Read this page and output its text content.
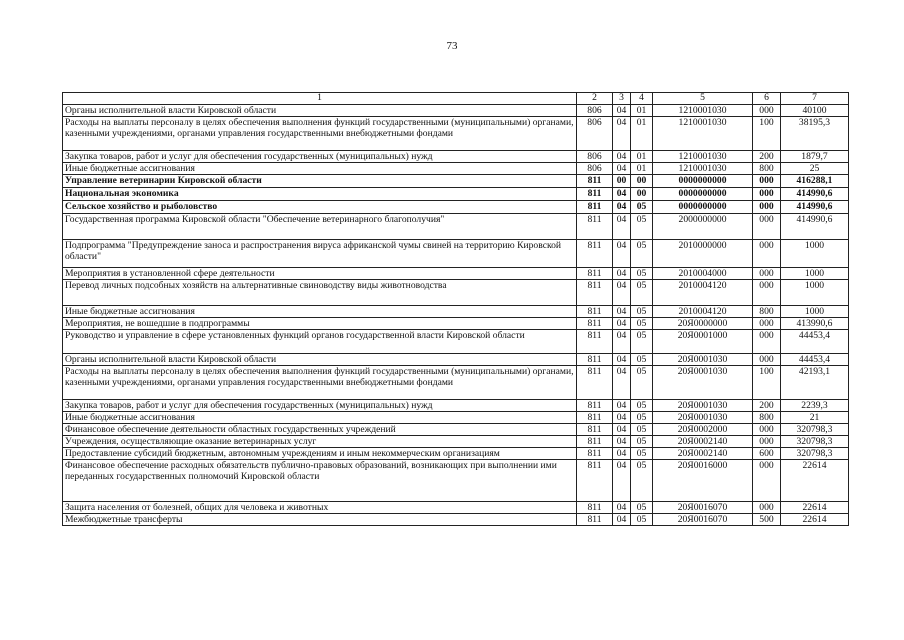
73
1	2	3	4	5	6	7
Органы исполнительной власти Кировской области	806	04	01	1210001030	000	40100
Расходы на выплаты персоналу в целях обеспечения выполнения функций государственными (муниципальными) органами, казенными учреждениями, органами управления государственными внебюджетными фондами	806	04	01	1210001030	100	38195,3
Закупка товаров, работ и услуг для обеспечения государственных (муниципальных) нужд	806	04	01	1210001030	200	1879,7
Иные бюджетные ассигнования	806	04	01	1210001030	800	25
Управление ветеринарии Кировской области	811	00	00	0000000000	000	416288,1
Национальная экономика	811	04	00	0000000000	000	414990,6
Сельское хозяйство и рыболовство	811	04	05	0000000000	000	414990,6
Государственная программа Кировской области "Обеспечение ветеринарного благополучия"	811	04	05	2000000000	000	414990,6
Подпрограмма "Предупреждение заноса и распространения вируса африканской чумы свиней на территорию Кировской области"	811	04	05	2010000000	000	1000
Мероприятия в установленной сфере деятельности	811	04	05	2010004000	000	1000
Перевод личных подсобных хозяйств на альтернативные свиноводству виды животноводства	811	04	05	2010004120	000	1000
Иные бюджетные ассигнования	811	04	05	2010004120	800	1000
Мероприятия, не вошедшие в подпрограммы	811	04	05	20Я0000000	000	413990,6
Руководство и управление в сфере установленных функций органов государственной власти Кировской области	811	04	05	20Я0001000	000	44453,4
Органы исполнительной власти Кировской области	811	04	05	20Я0001030	000	44453,4
Расходы на выплаты персоналу в целях обеспечения выполнения функций государственными (муниципальными) органами, казенными учреждениями, органами управления государственными внебюджетными фондами	811	04	05	20Я0001030	100	42193,1
Закупка товаров, работ и услуг для обеспечения государственных (муниципальных) нужд	811	04	05	20Я0001030	200	2239,3
Иные бюджетные ассигнования	811	04	05	20Я0001030	800	21
Финансовое обеспечение деятельности областных государственных учреждений	811	04	05	20Я0002000	000	320798,3
Учреждения, осуществляющие оказание ветеринарных услуг	811	04	05	20Я0002140	000	320798,3
Предоставление субсидий бюджетным, автономным учреждениям и иным некоммерческим организациям	811	04	05	20Я0002140	600	320798,3
Финансовое обеспечение расходных обязательств публично-правовых образований, возникающих при выполнении ими переданных государственных полномочий Кировской области	811	04	05	20Я0016000	000	22614
Защита населения от болезней, общих для человека и животных	811	04	05	20Я0016070	000	22614
Межбюджетные трансферты	811	04	05	20Я0016070	500	22614
